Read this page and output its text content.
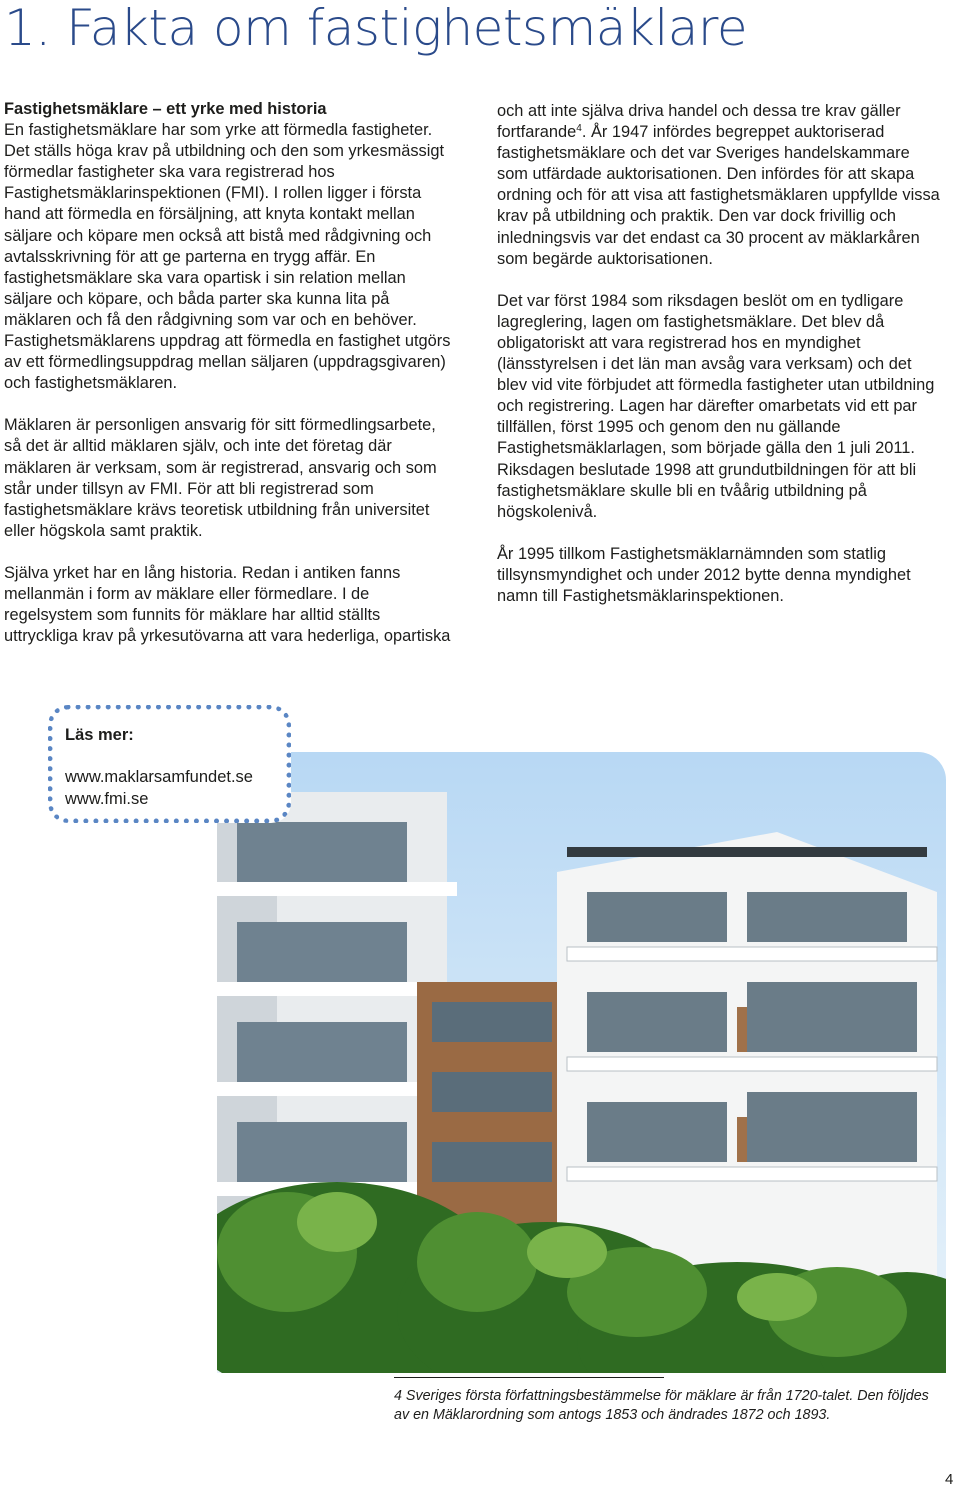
1. Fakta om fastighetsmäklare

Fastighetsmäklare – ett yrke med historia
En fastighetsmäklare har som yrke att förmedla fastigheter. Det ställs höga krav på utbildning och den som yrkesmässigt förmedlar fastigheter ska vara registrerad hos Fastighetsmäklarinspektionen (FMI). I rollen ligger i första hand att förmedla en försäljning, att knyta kontakt mellan säljare och köpare men också att bistå med rådgivning och avtalsskrivning för att ge parterna en trygg affär. En fastighetsmäklare ska vara opartisk i sin relation mellan säljare och köpare, och båda parter ska kunna lita på mäklaren och få den rådgivning som var och en behöver. Fastighetsmäklarens uppdrag att förmedla en fastighet utgörs av ett förmedlingsuppdrag mellan säljaren (uppdragsgivaren) och fastighetsmäklaren.

Mäklaren är personligen ansvarig för sitt förmedlingsarbete, så det är alltid mäklaren själv, och inte det företag där mäklaren är verksam, som är registrerad, ansvarig och som står under tillsyn av FMI. För att bli registrerad som fastighetsmäklare krävs teoretisk utbildning från universitet eller högskola samt praktik.

Själva yrket har en lång historia. Redan i antiken fanns mellanmän i form av mäklare eller förmedlare. I de regelsystem som funnits för mäklare har alltid ställts uttryckliga krav på yrkesutövarna att vara hederliga, opartiska

och att inte själva driva handel och dessa tre krav gäller fortfarande$^4$. År 1947 infördes begreppet auktoriserad fastighetsmäklare och det var Sveriges handelskammare som utfärdade auktorisationen. Den infördes för att skapa ordning och för att visa att fastighetsmäklaren uppfyllde vissa krav på utbildning och praktik. Den var dock frivillig och inledningsvis var det endast ca 30 procent av mäklarkåren som begärde auktorisationen.

Det var först 1984 som riksdagen beslöt om en tydligare lagreglering, lagen om fastighetsmäklare. Det blev då obligatoriskt att vara registrerad hos en myndighet (länsstyrelsen i det län man avsåg vara verksam) och det blev vid vite förbjudet att förmedla fastigheter utan utbildning och registrering. Lagen har därefter omarbetats vid ett par tillfällen, först 1995 och genom den nu gällande Fastighetsmäklarlagen, som började gälla den 1 juli 2011. Riksdagen beslutade 1998 att grundutbildningen för att bli fastighetsmäklare skulle bli en tvåårig utbildning på högskolenivå.

År 1995 tillkom Fastighetsmäklarnämnden som statlig tillsynsmyndighet och under 2012 bytte denna myndighet namn till Fastighetsmäklarinspektionen.

Läs mer:
www.maklarsamfundet.se
www.fmi.se
4 Sveriges första författningsbestämmelse för mäklare är från 1720-talet. Den följdes av en Mäklarordning som antogs 1853 och ändrades 1872 och 1893.
4
